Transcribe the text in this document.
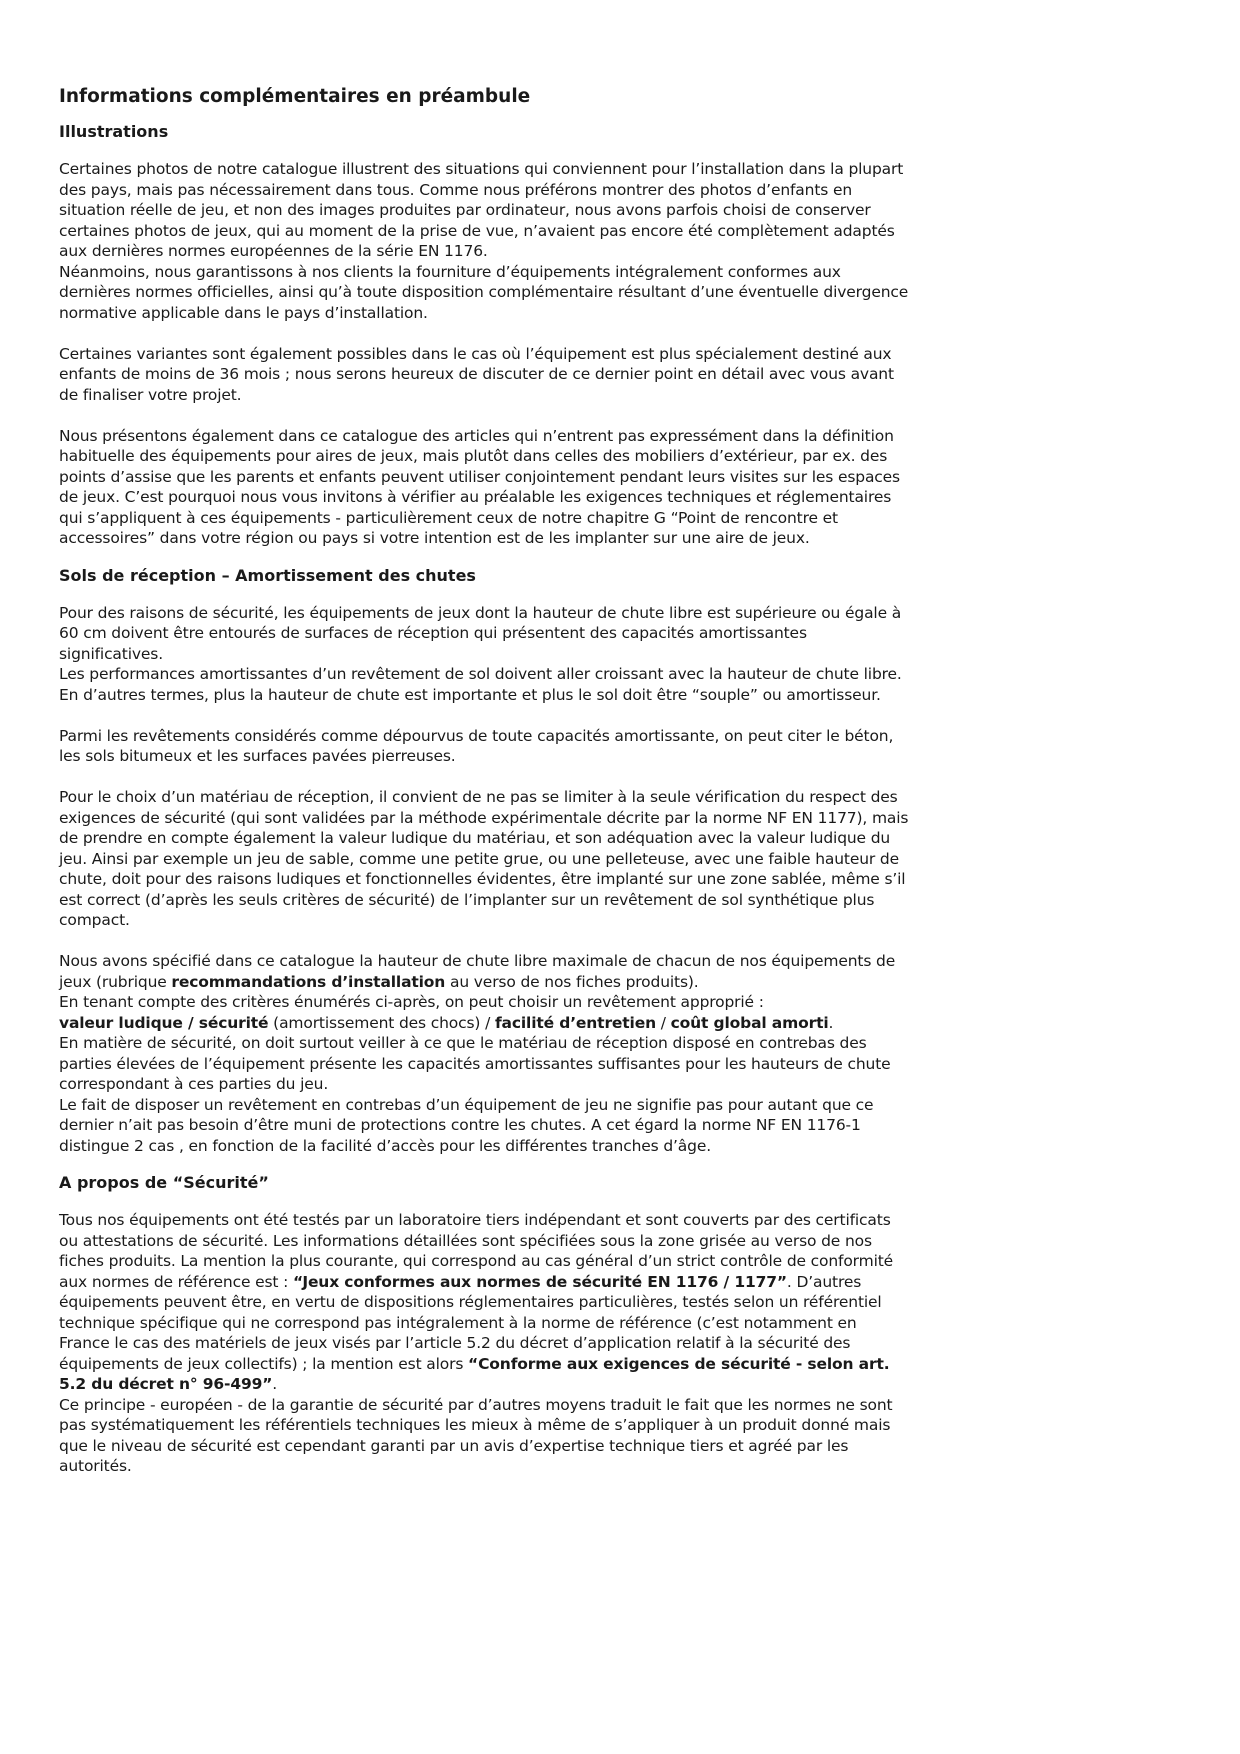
Informations complémentaires en préambule
Illustrations

Certaines photos de notre catalogue illustrent des situations qui conviennent pour l’installation dans la plupart des pays, mais pas nécessairement dans tous. Comme nous préférons montrer des photos d’enfants en situation réelle de jeu, et non des images produites par ordinateur, nous avons parfois choisi de conserver certaines photos de jeux, qui au moment de la prise de vue, n’avaient pas encore été complètement adaptés aux dernières normes européennes de la série EN 1176.

Néanmoins, nous garantissons à nos clients la fourniture d’équipements intégralement conformes aux dernières normes officielles, ainsi qu’à toute disposition complémentaire résultant d’une éventuelle divergence normative applicable dans le pays d’installation.

Certaines variantes sont également possibles dans le cas où l’équipement est plus spécialement destiné aux enfants de moins de 36 mois ; nous serons heureux de discuter de ce dernier point en détail avec vous avant de finaliser votre projet.

Nous présentons également dans ce catalogue des articles qui n’entrent pas expressément dans la définition habituelle des équipements pour aires de jeux, mais plutôt dans celles des mobiliers d’extérieur, par ex. des points d’assise que les parents et enfants peuvent utiliser conjointement pendant leurs visites sur les espaces de jeux. C’est pourquoi nous vous invitons à vérifier au préalable les exigences techniques et réglementaires qui s’appliquent à ces équipements - particulièrement ceux de notre chapitre G “Point de rencontre et accessoires” dans votre région ou pays si votre intention est de les implanter sur une aire de jeux.

Sols de réception – Amortissement des chutes

Pour des raisons de sécurité, les équipements de jeux dont la hauteur de chute libre est supérieure ou égale à 60 cm doivent être entourés de surfaces de réception qui présentent des capacités amortissantes significatives.

Les performances amortissantes d’un revêtement de sol doivent aller croissant avec la hauteur de chute libre. En d’autres termes, plus la hauteur de chute est importante et plus le sol doit être “souple” ou amortisseur.

Parmi les revêtements considérés comme dépourvus de toute capacités amortissante, on peut citer le béton, les sols bitumeux et les surfaces pavées pierreuses.

Pour le choix d’un matériau de réception, il convient de ne pas se limiter à la seule vérification du respect des exigences de sécurité (qui sont validées par la méthode expérimentale décrite par la norme NF EN 1177), mais de prendre en compte également la valeur ludique du matériau, et son adéquation avec la valeur ludique du jeu. Ainsi par exemple un jeu de sable, comme une petite grue, ou une pelleteuse, avec une faible hauteur de chute, doit pour des raisons ludiques et fonctionnelles évidentes, être implanté sur une zone sablée, même s’il est correct (d’après les seuls critères de sécurité) de l’implanter sur un revêtement de sol synthétique plus compact.

Nous avons spécifié dans ce catalogue la hauteur de chute libre maximale de chacun de nos équipements de jeux (rubrique recommandations d’installation au verso de nos fiches produits).

En tenant compte des critères énumérés ci-après, on peut choisir un revêtement approprié :

valeur ludique / sécurité (amortissement des chocs) / facilité d’entretien / coût global amorti.

En matière de sécurité, on doit surtout veiller à ce que le matériau de réception disposé en contrebas des parties élevées de l’équipement présente les capacités amortissantes suffisantes pour les hauteurs de chute correspondant à ces parties du jeu.

Le fait de disposer un revêtement en contrebas d’un équipement de jeu ne signifie pas pour autant que ce dernier n’ait pas besoin d’être muni de protections contre les chutes. A cet égard la norme NF EN 1176-1 distingue 2 cas , en fonction de la facilité d’accès pour les différentes tranches d’âge.

A propos de “Sécurité”

Tous nos équipements ont été testés par un laboratoire tiers indépendant et sont couverts par des certificats ou attestations de sécurité. Les informations détaillées sont spécifiées sous la zone grisée au verso de nos fiches produits. La mention la plus courante, qui correspond au cas général d’un strict contrôle de conformité aux normes de référence est : “Jeux conformes aux normes de sécurité EN 1176 / 1177”. D’autres équipements peuvent être, en vertu de dispositions réglementaires particulières, testés selon un référentiel technique spécifique qui ne correspond pas intégralement à la norme de référence (c’est notamment en France le cas des matériels de jeux visés par l’article 5.2 du décret d’application relatif à la sécurité des équipements de jeux collectifs) ; la mention est alors “Conforme aux exigences de sécurité - selon art. 5.2 du décret n° 96-499”.

Ce principe - européen - de la garantie de sécurité par d’autres moyens traduit le fait que les normes ne sont pas systématiquement les référentiels techniques les mieux à même de s’appliquer à un produit donné mais que le niveau de sécurité est cependant garanti par un avis d’expertise technique tiers et agréé par les autorités.
